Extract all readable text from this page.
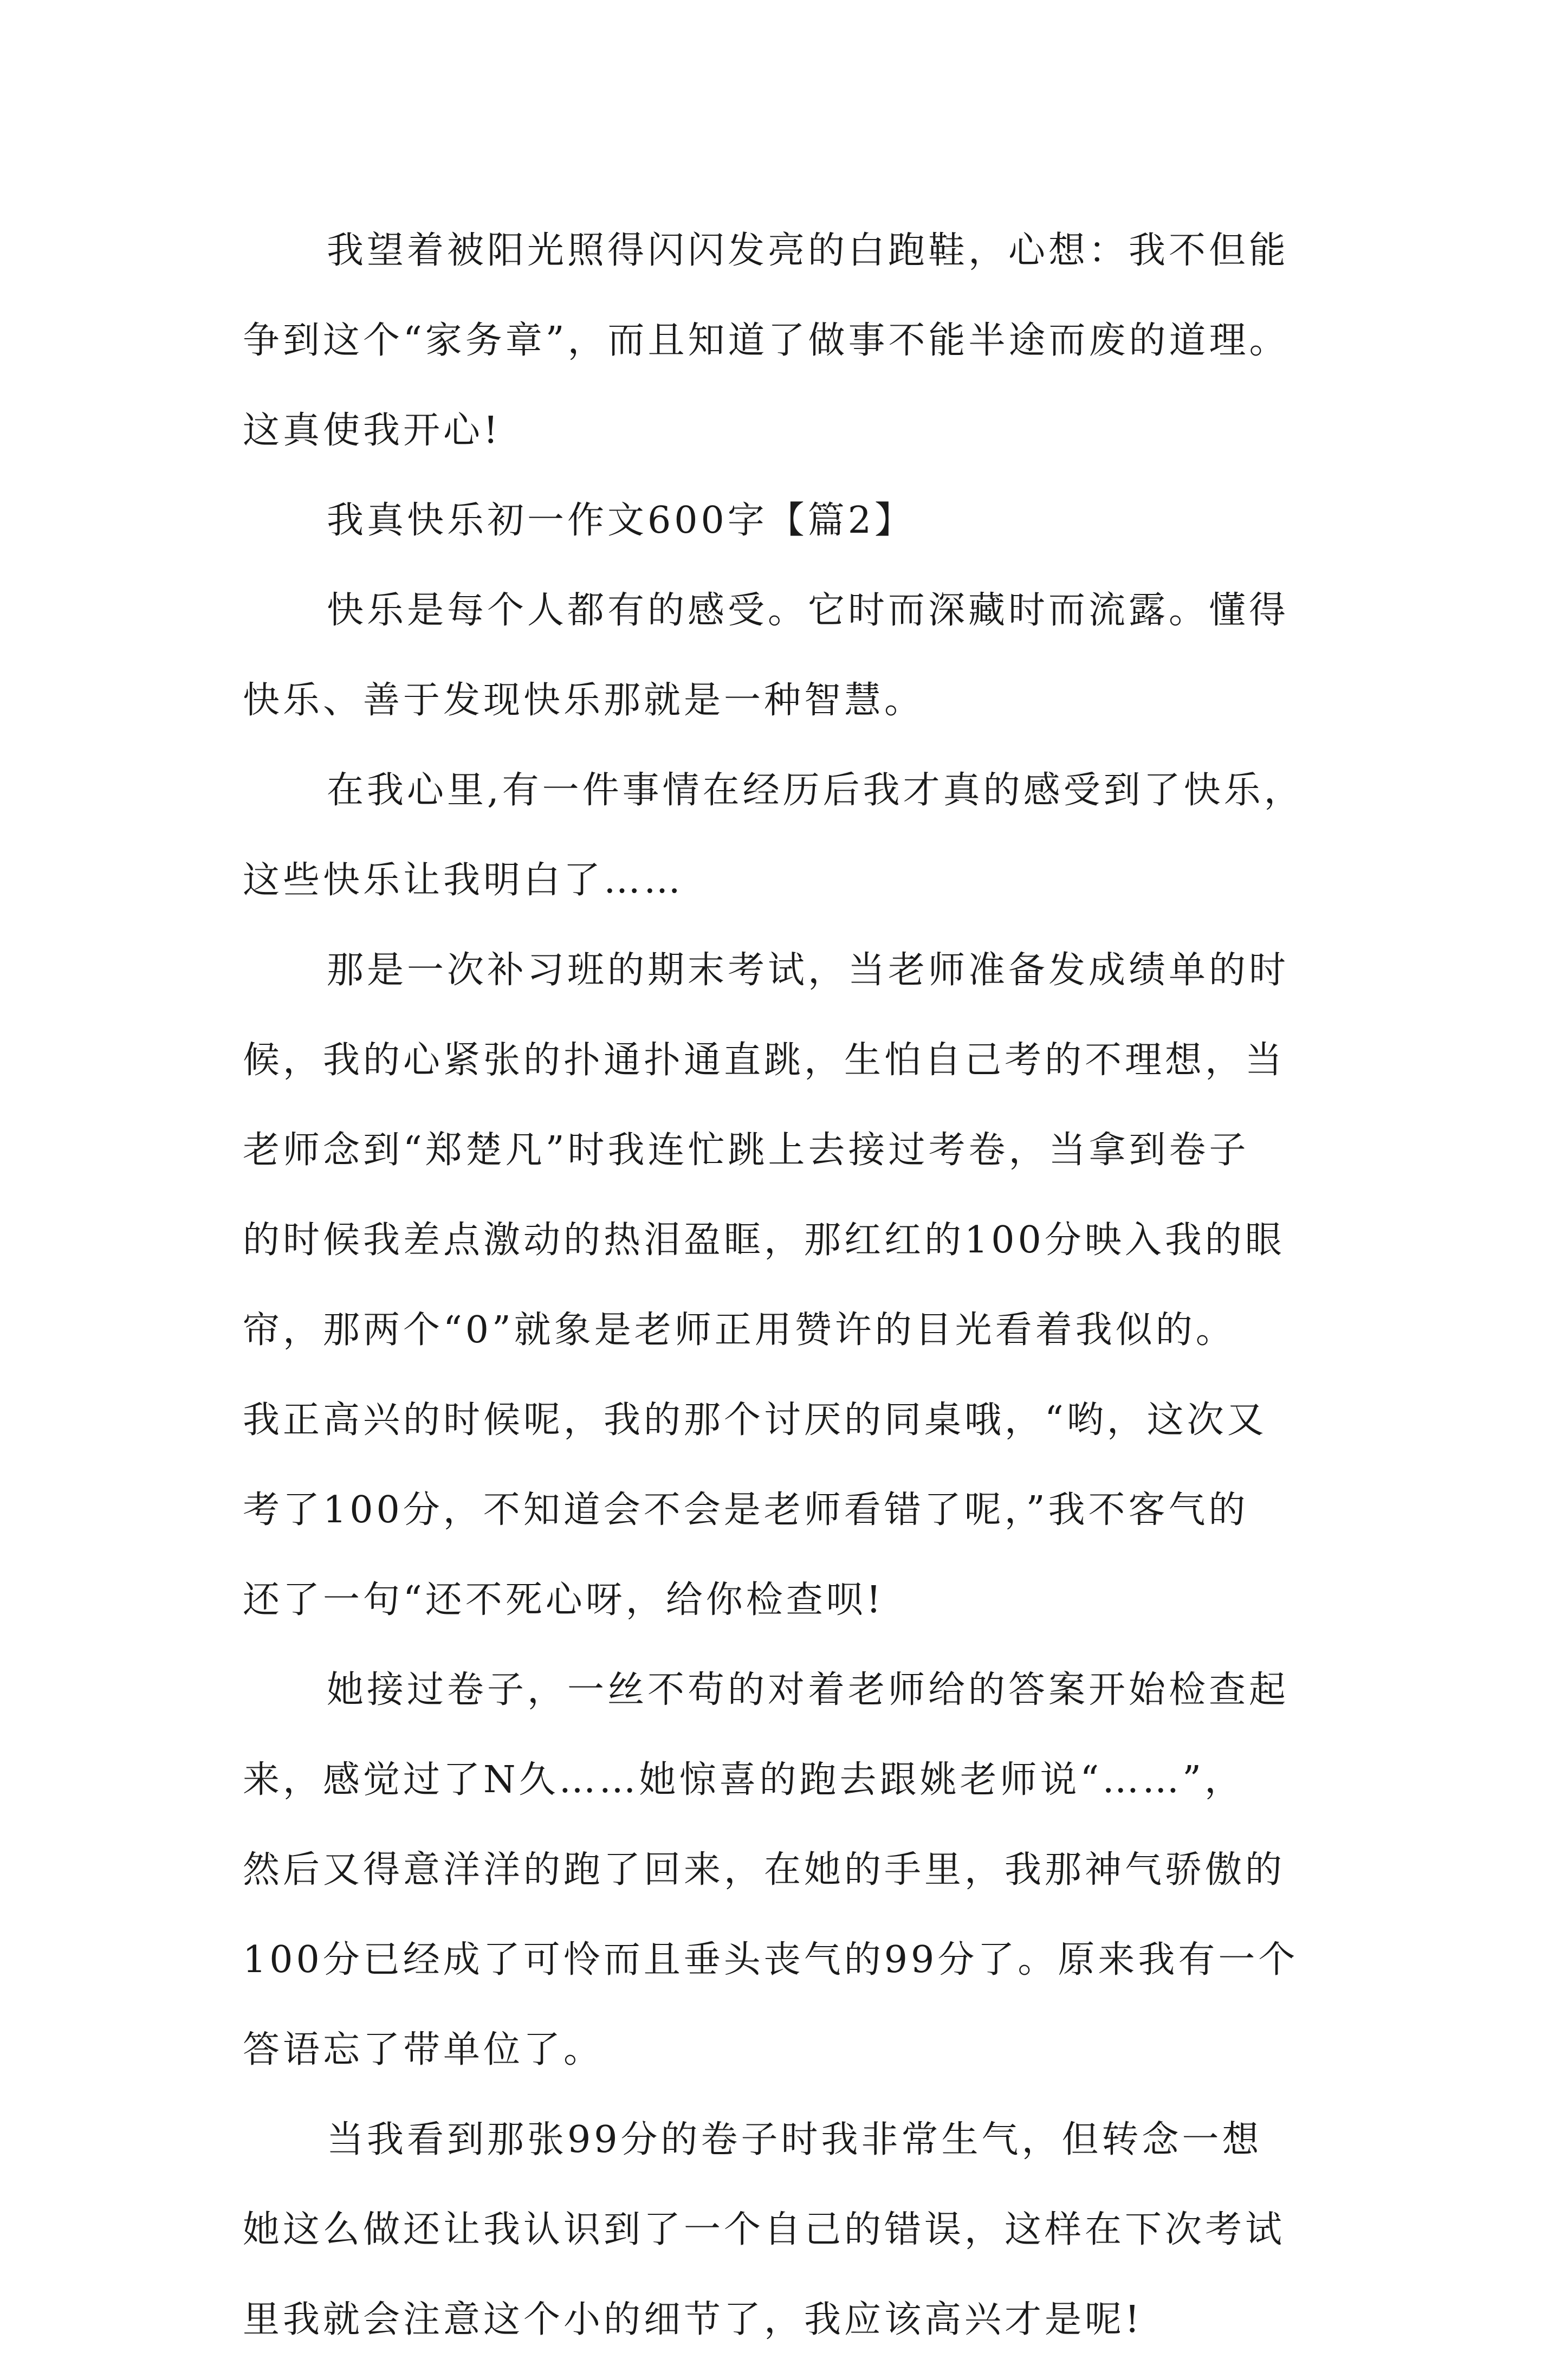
我望着被阳光照得闪闪发亮的白跑鞋，心想：我不但能
争到这个“家务章”，而且知道了做事不能半途而废的道理。
这真使我开心!
我真快乐初一作文600字【篇2】
快乐是每个人都有的感受。它时而深藏时而流露。懂得
快乐、善于发现快乐那就是一种智慧。
在我心里,有一件事情在经历后我才真的感受到了快乐，
这些快乐让我明白了……
那是一次补习班的期末考试，当老师准备发成绩单的时
候，我的心紧张的扑通扑通直跳，生怕自己考的不理想，当
老师念到“郑楚凡”时我连忙跳上去接过考卷，当拿到卷子
的时候我差点激动的热泪盈眶，那红红的100分映入我的眼
帘，那两个“0”就象是老师正用赞许的目光看着我似的。
我正高兴的时候呢，我的那个讨厌的同桌哦，“哟，这次又
考了100分，不知道会不会是老师看错了呢，”我不客气的
还了一句“还不死心呀，给你检查呗!
她接过卷子，一丝不苟的对着老师给的答案开始检查起
来，感觉过了N久……她惊喜的跑去跟姚老师说“……”，
然后又得意洋洋的跑了回来，在她的手里，我那神气骄傲的
100分已经成了可怜而且垂头丧气的99分了。原来我有一个
答语忘了带单位了。
当我看到那张99分的卷子时我非常生气，但转念一想
她这么做还让我认识到了一个自己的错误，这样在下次考试
里我就会注意这个小的细节了，我应该高兴才是呢!
